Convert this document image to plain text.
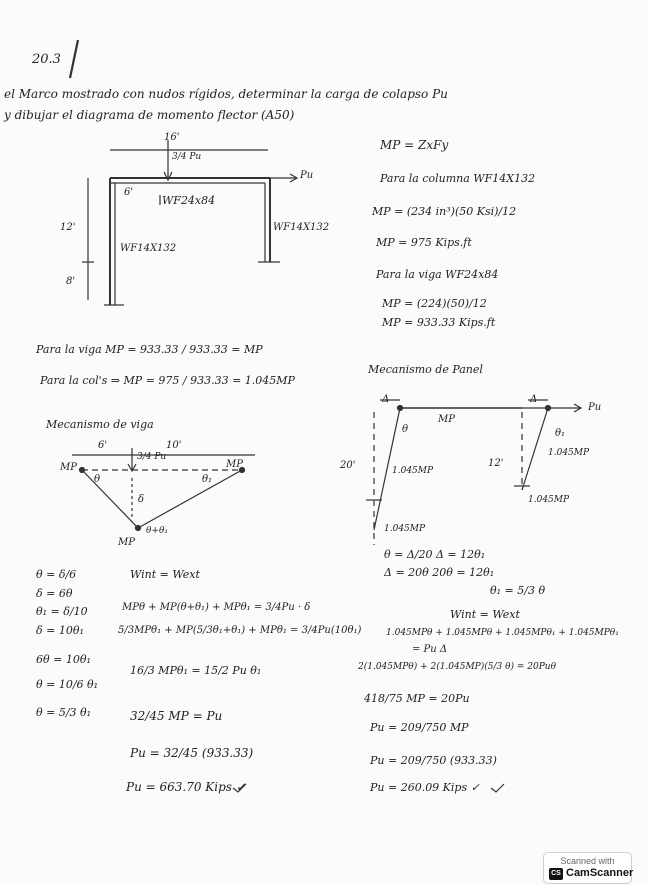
20.3
el Marco mostrado con nudos rígidos, determinar la carga de colapso Pu
y dibujar el diagrama de momento flector (A50)
16'
3/4 Pu
Pu
6'
WF24x84
WF14X132
WF14X132
12'
8'
MP = ZxFy
Para la columna WF14X132
MP = (234 in³)(50 Ksi)/12
MP = 975 Kips.ft
Para la viga WF24x84
MP = (224)(50)/12
MP = 933.33 Kips.ft
Para la viga MP = 933.33 / 933.33 = MP
Para la col's ⇒ MP = 975 / 933.33 = 1.045MP
Mecanismo de viga
6'	10'
3/4 Pu
MP	MP
θ	θ₁
δ
θ+θ₁
MP
θ = δ/6
δ = 6θ
θ₁ = δ/10
δ = 10θ₁
6θ = 10θ₁
θ = 10/6 θ₁
θ = 5/3 θ₁
Wint = Wext
MPθ + MP(θ+θ₁) + MPθ₁ = 3/4Pu · δ
5/3MPθ₁ + MP(5/3θ₁+θ₁) + MPθ₁ = 3/4Pu(10θ₁)
16/3 MPθ₁ = 15/2 Pu θ₁
32/45 MP = Pu
Pu = 32/45 (933.33)
Pu = 663.70 Kips ✓
Mecanismo de Panel
Δ	Δ
Pu
MP
θ	θ₁
20'	12'
1.045MP
1.045MP
1.045MP
1.045MP
θ = Δ/20 Δ = 12θ₁
Δ = 20θ 20θ = 12θ₁
θ₁ = 5/3 θ
Wint = Wext
1.045MPθ + 1.045MPθ + 1.045MPθ₁ + 1.045MPθ₁
= Pu Δ
2(1.045MPθ) + 2(1.045MP)(5/3 θ) = 20Puθ
418/75 MP = 20Pu
Pu = 209/750 MP
Pu = 209/750 (933.33)
Pu = 260.09 Kips ✓
Scanned with
CS CamScanner
